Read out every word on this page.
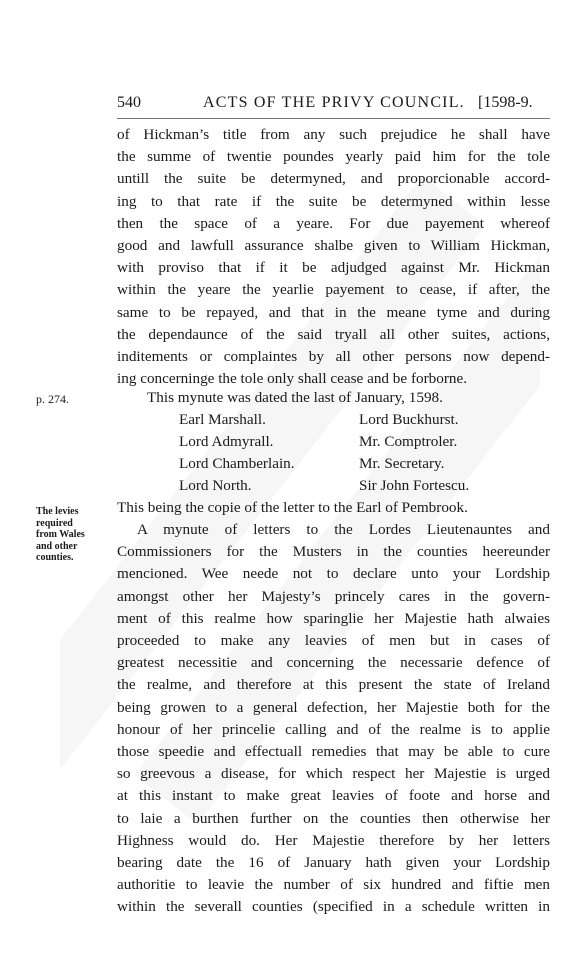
540	ACTS OF THE PRIVY COUNCIL. [1598-9.
of Hickman’s title from any such prejudice he shall have
the summe of twentie poundes yearly paid him for the tole
untill the suite be determyned, and proporcionable accord-
ing to that rate if the suite be determyned within lesse
then the space of a yeare. For due payement whereof
good and lawfull assurance shalbe given to William Hickman,
with proviso that if it be adjudged against Mr. Hickman
within the yeare the yearlie payement to cease, if after, the
same to be repayed, and that in the meane tyme and during
the dependaunce of the said tryall all other suites, actions,
inditements or complaintes by all other persons now depend-
ing concerninge the tole only shall cease and be forborne.
p. 274.	This mynute was dated the last of January, 1598.
Earl Marshall.	Lord Buckhurst.
Lord Admyrall.	Mr. Comptroler.
Lord Chamberlain.	Mr. Secretary.
Lord North.	Sir John Fortescu.
This being the copie of the letter to the Earl of Pembrook.
The levies
required
from Wales
and other
counties.
A mynute of letters to the Lordes Lieutenauntes and
Commissioners for the Musters in the counties heereunder
mencioned. Wee neede not to declare unto your Lordship
amongst other her Majesty’s princely cares in the govern-
ment of this realme how sparinglie her Majestie hath alwaies
proceeded to make any leavies of men but in cases of
greatest necessitie and concerning the necessarie defence of
the realme, and therefore at this present the state of Ireland
being growen to a general defection, her Majestie both for the
honour of her princelie calling and of the realme is to applie
those speedie and effectuall remedies that may be able to cure
so greevous a disease, for which respect her Majestie is urged
at this instant to make great leavies of foote and horse and
to laie a burthen further on the counties then otherwise her
Highness would do. Her Majestie therefore by her letters
bearing date the 16 of January hath given your Lordship
authoritie to leavie the number of six hundred and fiftie men
within the severall counties (specified in a schedule written in
